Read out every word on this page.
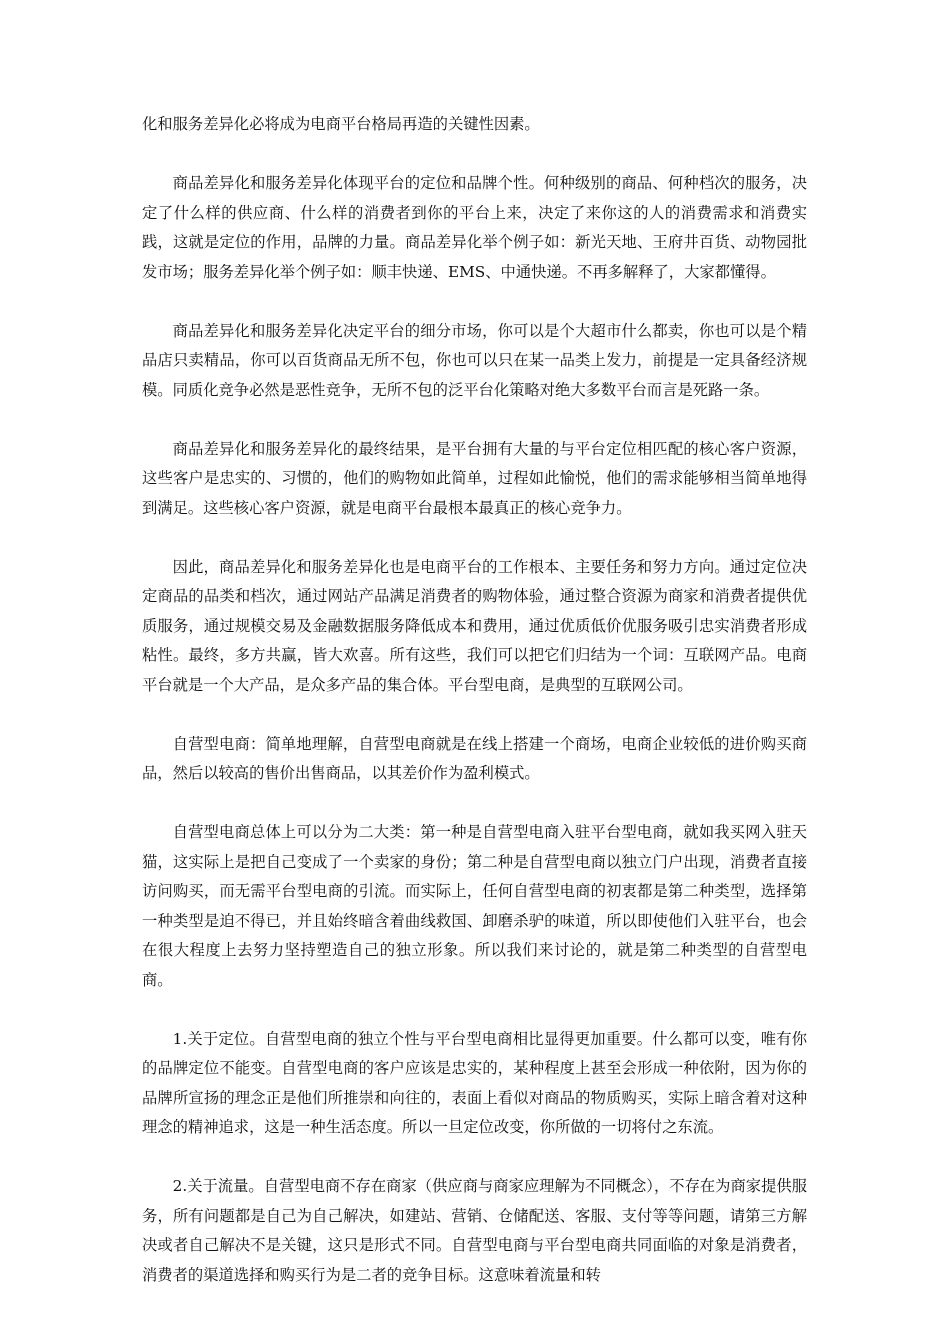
化和服务差异化必将成为电商平台格局再造的关键性因素。

商品差异化和服务差异化体现平台的定位和品牌个性。何种级别的商品、何种档次的服务，决定了什么样的供应商、什么样的消费者到你的平台上来，决定了来你这的人的消费需求和消费实践，这就是定位的作用，品牌的力量。商品差异化举个例子如：新光天地、王府井百货、动物园批发市场；服务差异化举个例子如：顺丰快递、EMS、中通快递。不再多解释了，大家都懂得。

商品差异化和服务差异化决定平台的细分市场，你可以是个大超市什么都卖，你也可以是个精品店只卖精品，你可以百货商品无所不包，你也可以只在某一品类上发力，前提是一定具备经济规模。同质化竞争必然是恶性竞争，无所不包的泛平台化策略对绝大多数平台而言是死路一条。

商品差异化和服务差异化的最终结果，是平台拥有大量的与平台定位相匹配的核心客户资源，这些客户是忠实的、习惯的，他们的购物如此简单，过程如此愉悦，他们的需求能够相当简单地得到满足。这些核心客户资源，就是电商平台最根本最真正的核心竞争力。

因此，商品差异化和服务差异化也是电商平台的工作根本、主要任务和努力方向。通过定位决定商品的品类和档次，通过网站产品满足消费者的购物体验，通过整合资源为商家和消费者提供优质服务，通过规模交易及金融数据服务降低成本和费用，通过优质低价优服务吸引忠实消费者形成粘性。最终，多方共赢，皆大欢喜。所有这些，我们可以把它们归结为一个词：互联网产品。电商平台就是一个大产品，是众多产品的集合体。平台型电商，是典型的互联网公司。

自营型电商：简单地理解，自营型电商就是在线上搭建一个商场，电商企业较低的进价购买商品，然后以较高的售价出售商品，以其差价作为盈利模式。

自营型电商总体上可以分为二大类：第一种是自营型电商入驻平台型电商，就如我买网入驻天猫，这实际上是把自己变成了一个卖家的身份；第二种是自营型电商以独立门户出现，消费者直接访问购买，而无需平台型电商的引流。而实际上，任何自营型电商的初衷都是第二种类型，选择第一种类型是迫不得已，并且始终暗含着曲线救国、卸磨杀驴的味道，所以即使他们入驻平台，也会在很大程度上去努力坚持塑造自己的独立形象。所以我们来讨论的，就是第二种类型的自营型电商。

1.关于定位。自营型电商的独立个性与平台型电商相比显得更加重要。什么都可以变，唯有你的品牌定位不能变。自营型电商的客户应该是忠实的，某种程度上甚至会形成一种依附，因为你的品牌所宣扬的理念正是他们所推崇和向往的，表面上看似对商品的物质购买，实际上暗含着对这种理念的精神追求，这是一种生活态度。所以一旦定位改变，你所做的一切将付之东流。

2.关于流量。自营型电商不存在商家（供应商与商家应理解为不同概念），不存在为商家提供服务，所有问题都是自己为自己解决，如建站、营销、仓储配送、客服、支付等等问题，请第三方解决或者自己解决不是关键，这只是形式不同。自营型电商与平台型电商共同面临的对象是消费者，消费者的渠道选择和购买行为是二者的竞争目标。这意味着流量和转
